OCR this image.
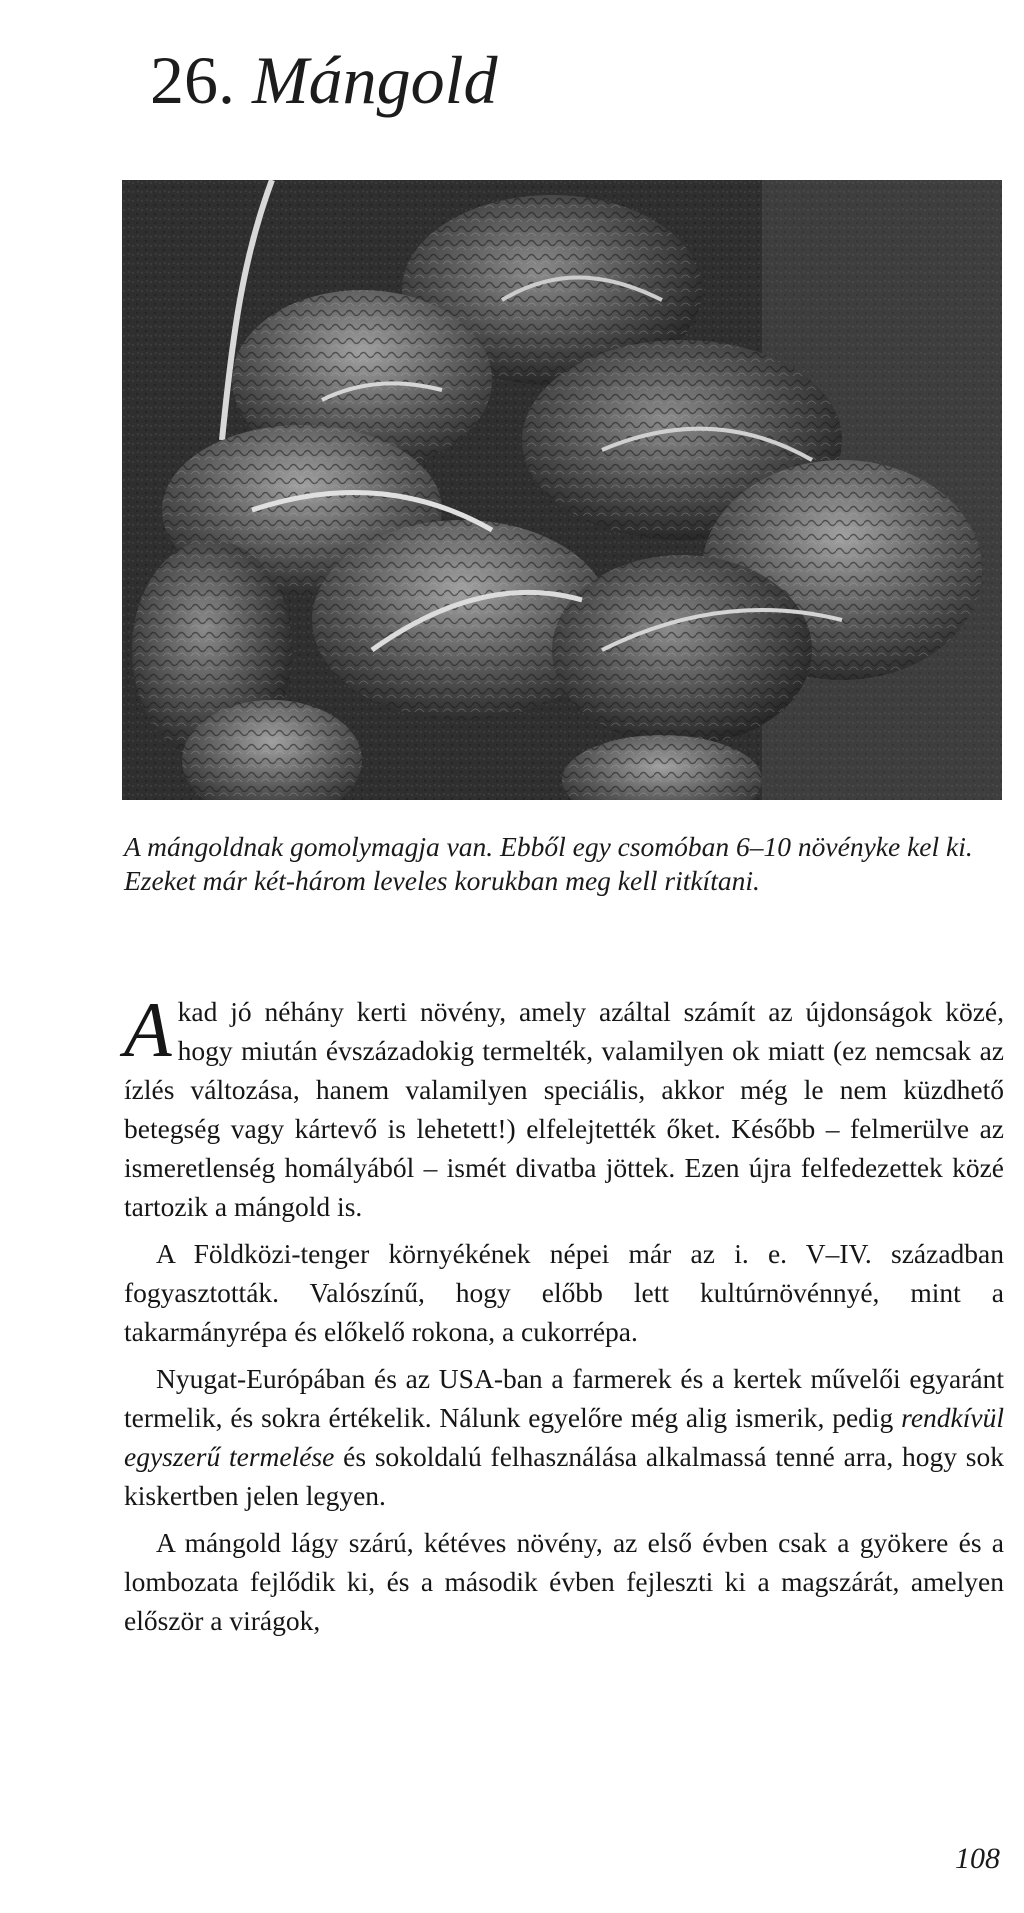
26. Mángold

A mángoldnak gomolymagja van. Ebből egy csomóban 6–10 növényke kel ki. Ezeket már két-három leveles korukban meg kell ritkítani.

Akad jó néhány kerti növény, amely azáltal számít az újdonságok közé, hogy miután évszázadokig termelték, valamilyen ok miatt (ez nemcsak az ízlés változása, hanem valamilyen speciális, akkor még le nem küzdhető betegség vagy kártevő is lehetett!) elfelejtették őket. Később – felmerülve az ismeretlenség homályából – ismét divatba jöttek. Ezen újra felfedezettek közé tartozik a mángold is.

A Földközi-tenger környékének népei már az i. e. V–IV. században fogyasztották. Valószínű, hogy előbb lett kultúrnövénnyé, mint a takarmányrépa és előkelő rokona, a cukorrépa.

Nyugat-Európában és az USA-ban a farmerek és a kertek művelői egyaránt termelik, és sokra értékelik. Nálunk egyelőre még alig ismerik, pedig rendkívül egyszerű termelése és sokoldalú felhasználása alkalmassá tenné arra, hogy sok kiskertben jelen legyen.

A mángold lágy szárú, kétéves növény, az első évben csak a gyökere és a lombozata fejlődik ki, és a második évben fejleszti ki a magszárát, amelyen először a virágok,

108
